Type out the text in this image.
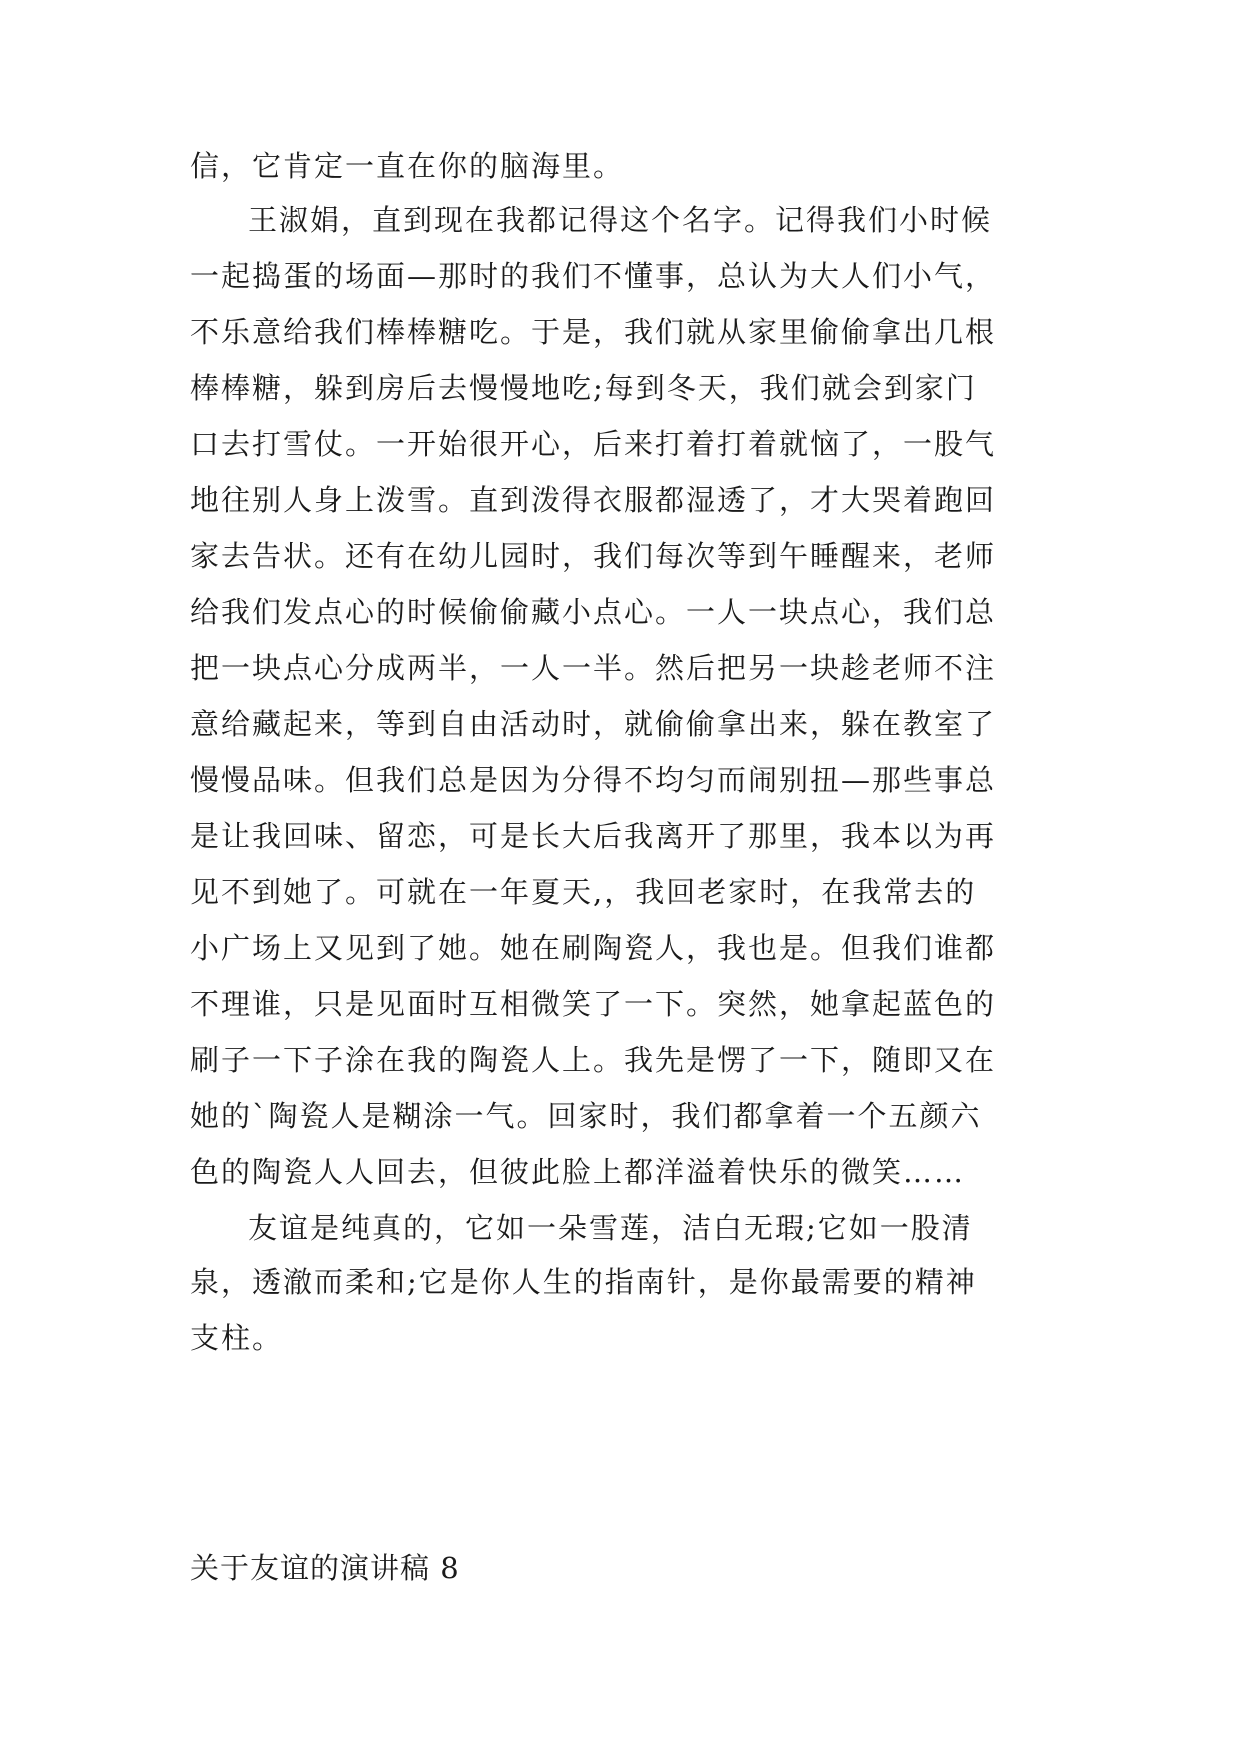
信，它肯定一直在你的脑海里。
王淑娟，直到现在我都记得这个名字。记得我们小时候
一起捣蛋的场面—那时的我们不懂事，总认为大人们小气，
不乐意给我们棒棒糖吃。于是，我们就从家里偷偷拿出几根
棒棒糖，躲到房后去慢慢地吃;每到冬天，我们就会到家门
口去打雪仗。一开始很开心，后来打着打着就恼了，一股气
地往别人身上泼雪。直到泼得衣服都湿透了，才大哭着跑回
家去告状。还有在幼儿园时，我们每次等到午睡醒来，老师
给我们发点心的时候偷偷藏小点心。一人一块点心，我们总
把一块点心分成两半，一人一半。然后把另一块趁老师不注
意给藏起来，等到自由活动时，就偷偷拿出来，躲在教室了
慢慢品味。但我们总是因为分得不均匀而闹别扭—那些事总
是让我回味、留恋，可是长大后我离开了那里，我本以为再
见不到她了。可就在一年夏天,，我回老家时，在我常去的
小广场上又见到了她。她在刷陶瓷人，我也是。但我们谁都
不理谁，只是见面时互相微笑了一下。突然，她拿起蓝色的
刷子一下子涂在我的陶瓷人上。我先是愣了一下，随即又在
她的`陶瓷人是糊涂一气。回家时，我们都拿着一个五颜六
色的陶瓷人人回去，但彼此脸上都洋溢着快乐的微笑……
友谊是纯真的，它如一朵雪莲，洁白无瑕;它如一股清
泉，透澈而柔和;它是你人生的指南针，是你最需要的精神
支柱。
关于友谊的演讲稿 8
